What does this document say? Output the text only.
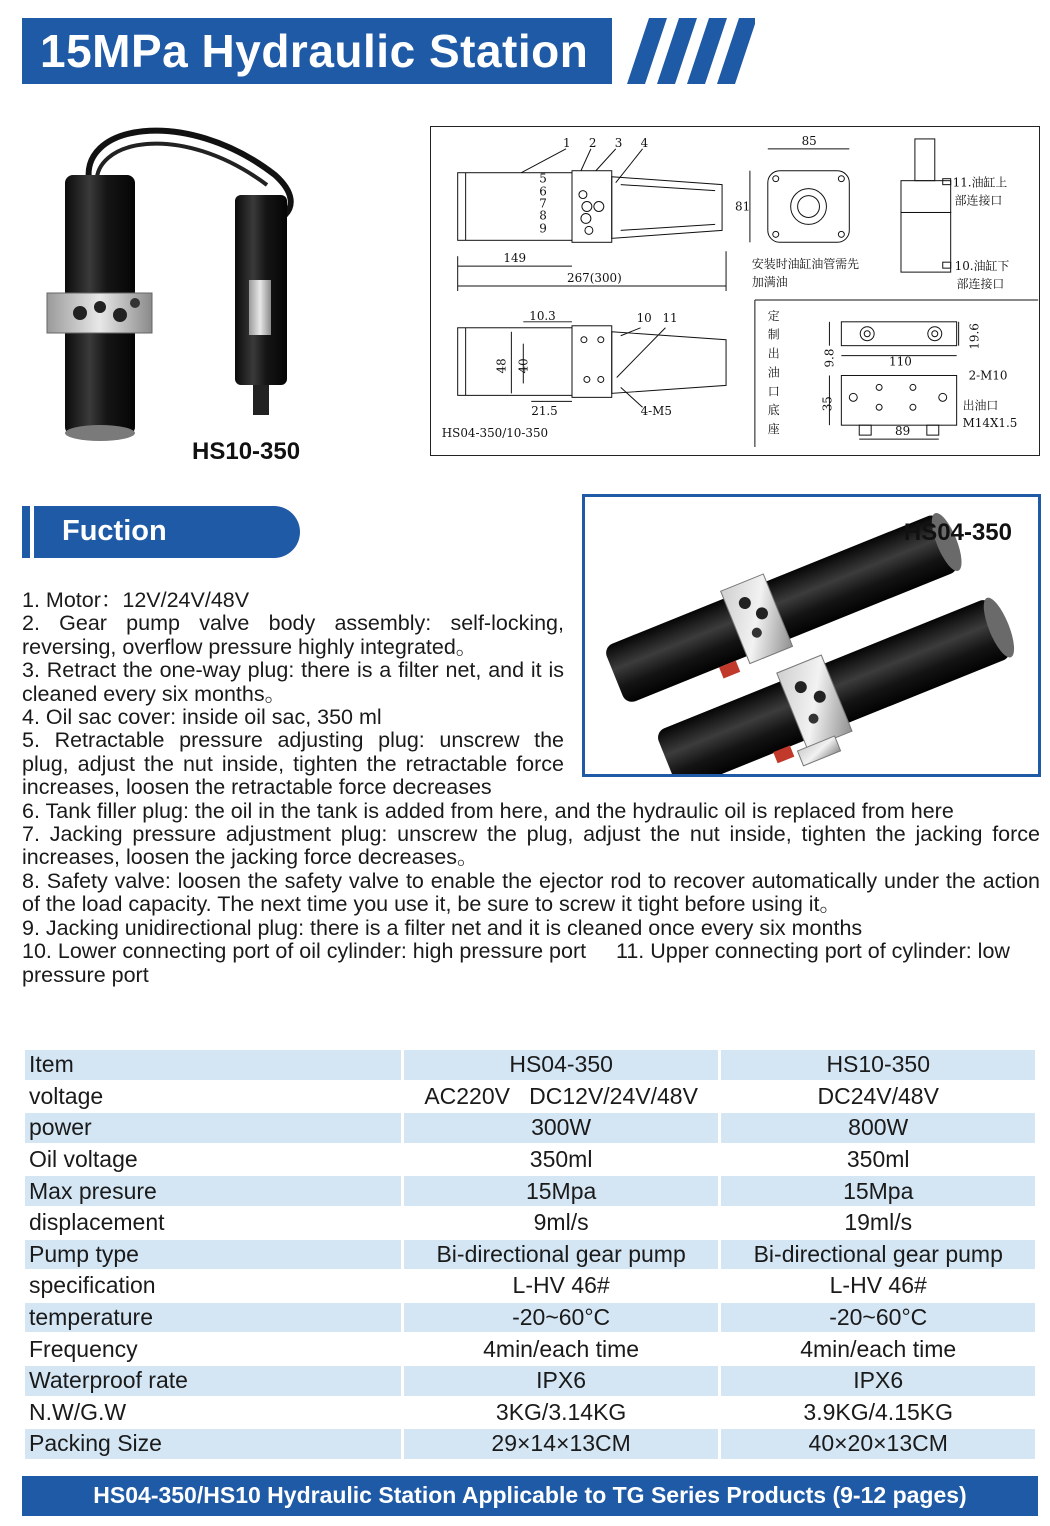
15MPa Hydraulic Station
HS10-350
1 2 3 4
5
6
7
8
9
149
267(300)
85
81
安装时油缸油管需先
加满油
11.油缸上
部连接口
10.油缸下
部连接口
10.3	10 11
48 40
21.5	4-M5
HS04-350/10-350
定
制
出
油
口
底
座
9.8	110
19.6
2-M10
35	出油口
M14X1.5
89
Fuction	HS04-350
1. Motor：12V/24V/48V
2. Gear pump valve body assembly: self-locking, reversing, overflow pressure highly integrated。
3. Retract the one-way plug: there is a filter net, and it is cleaned every six months。
4. Oil sac cover: inside oil sac, 350 ml
5. Retractable pressure adjusting plug: unscrew the plug, adjust the nut inside, tighten the retractable force increases, loosen the retractable force decreases
6. Tank filler plug: the oil in the tank is added from here, and the hydraulic oil is replaced from here
7. Jacking pressure adjustment plug: unscrew the plug, adjust the nut inside, tighten the jacking force increases, loosen the jacking force decreases。
8. Safety valve: loosen the safety valve to enable the ejector rod to recover automatically under the action of the load capacity. The next time you use it, be sure to screw it tight before using it。
9. Jacking unidirectional plug: there is a filter net and it is cleaned once every six months
10. Lower connecting port of oil cylinder: high pressure port     11. Upper connecting port of cylinder: low pressure port
Item	HS04-350	HS10-350
voltage	AC220V   DC12V/24V/48V	DC24V/48V
power	300W	800W
Oil voltage	350ml	350ml
Max presure	15Mpa	15Mpa
displacement	9ml/s	19ml/s
Pump type	Bi-directional gear pump	Bi-directional gear pump
specification	L-HV 46#	L-HV 46#
temperature	-20~60°C	-20~60°C
Frequency	4min/each time	4min/each time
Waterproof rate	IPX6	IPX6
N.W/G.W	3KG/3.14KG	3.9KG/4.15KG
Packing Size	29×14×13CM	40×20×13CM
HS04-350/HS10 Hydraulic Station Applicable to TG Series Products (9-12 pages)
